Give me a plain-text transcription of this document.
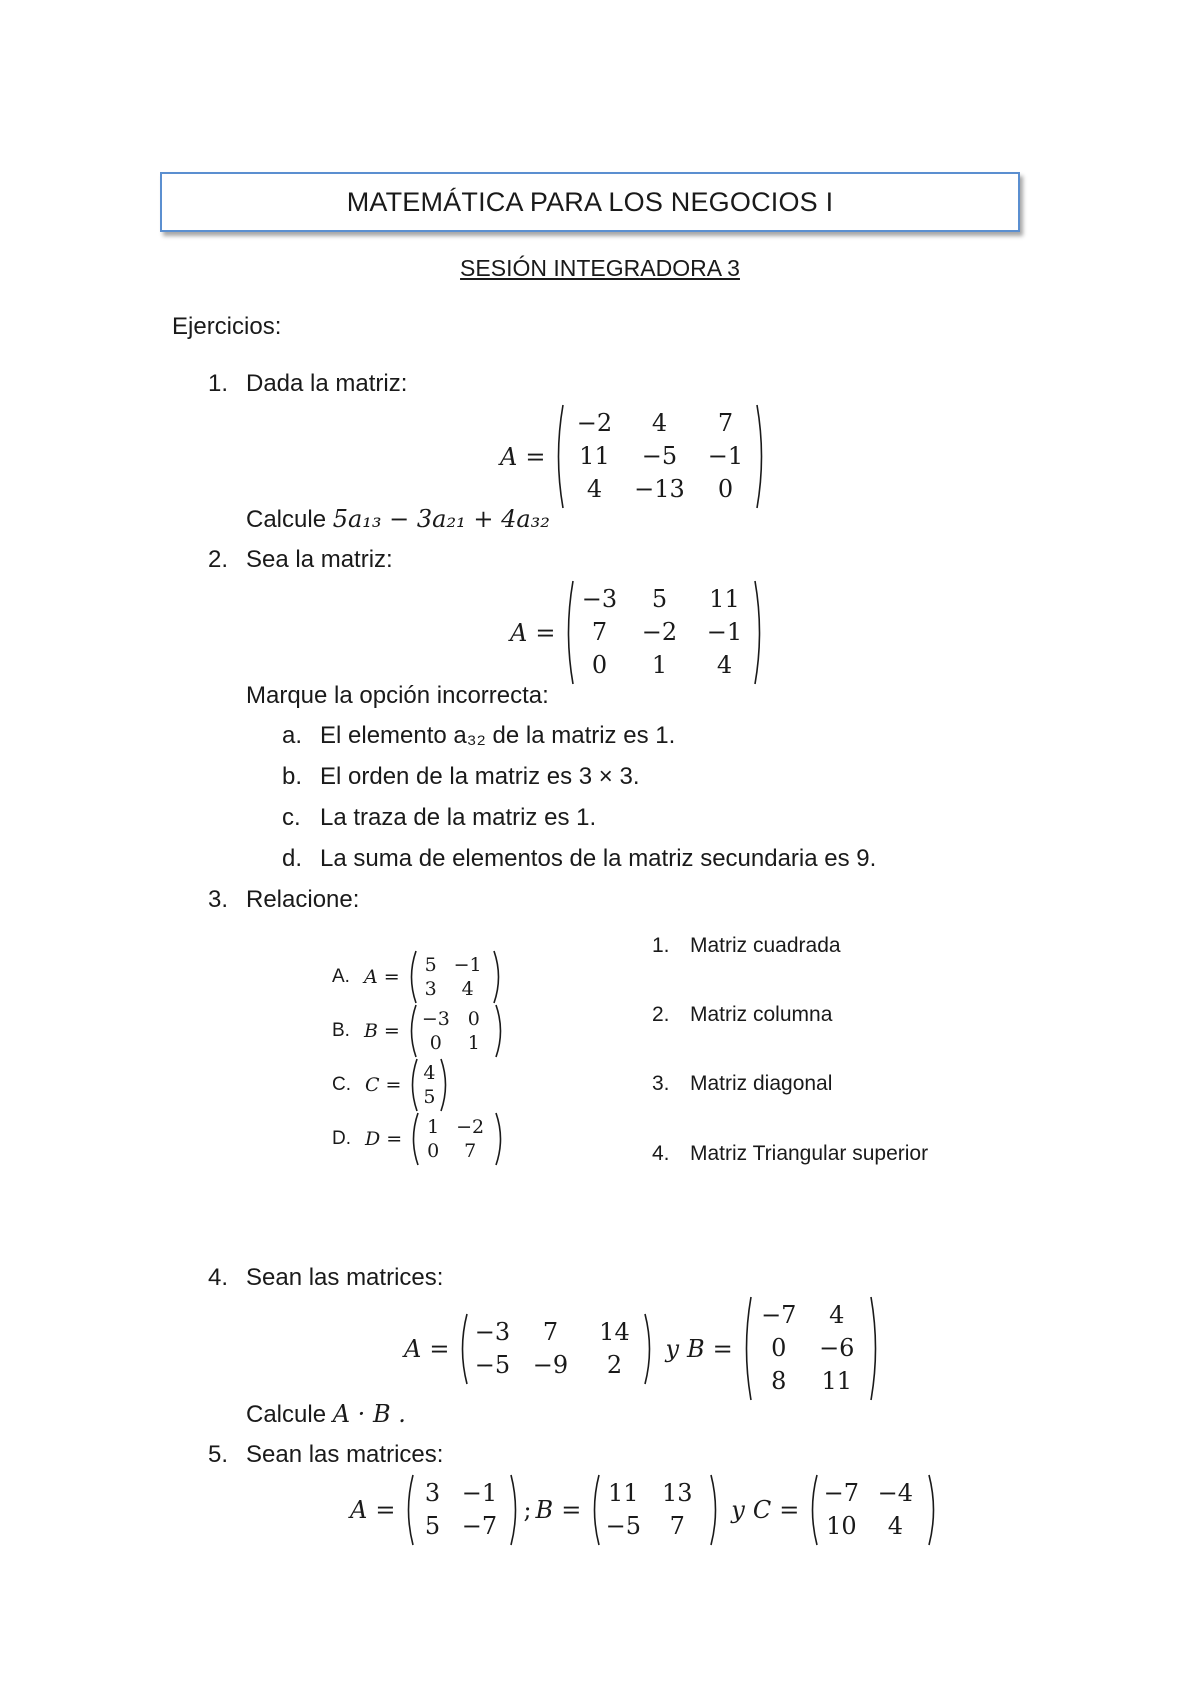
MATEMÁTICA PARA LOS NEGOCIOS I
SESIÓN INTEGRADORA 3
Ejercicios:
1. Dada la matriz:
A =
−2	4	7
11	−5	−1
4	−13	0
Calcule 5a₁₃ − 3a₂₁ + 4a₃₂
2. Sea la matriz:
A =
−3	5	11
7	−2	−1
0	1	4
Marque la opción incorrecta:
a. El elemento a₃₂ de la matriz es 1.
b. El orden de la matriz es 3 × 3.
c. La traza de la matriz es 1.
d. La suma de elementos de la matriz secundaria es 9.
3. Relacione:
A. A =
5 −1
3	4
B. B =
−3 0
0	1
C. C =
4
5
D. D =
1 −2
0	7
1. Matriz cuadrada
2. Matriz columna
3. Matriz diagonal
4. Matriz Triangular superior
4. Sean las matrices:
A =
−3	7	14
−5 −9	2
y B =
−7	4
0	−6
8	11
Calcule A · B .
5. Sean las matrices:
A =
3 −1
5 −7
; B =
11 13
−5	7
y C =
−7 −4
10	4
